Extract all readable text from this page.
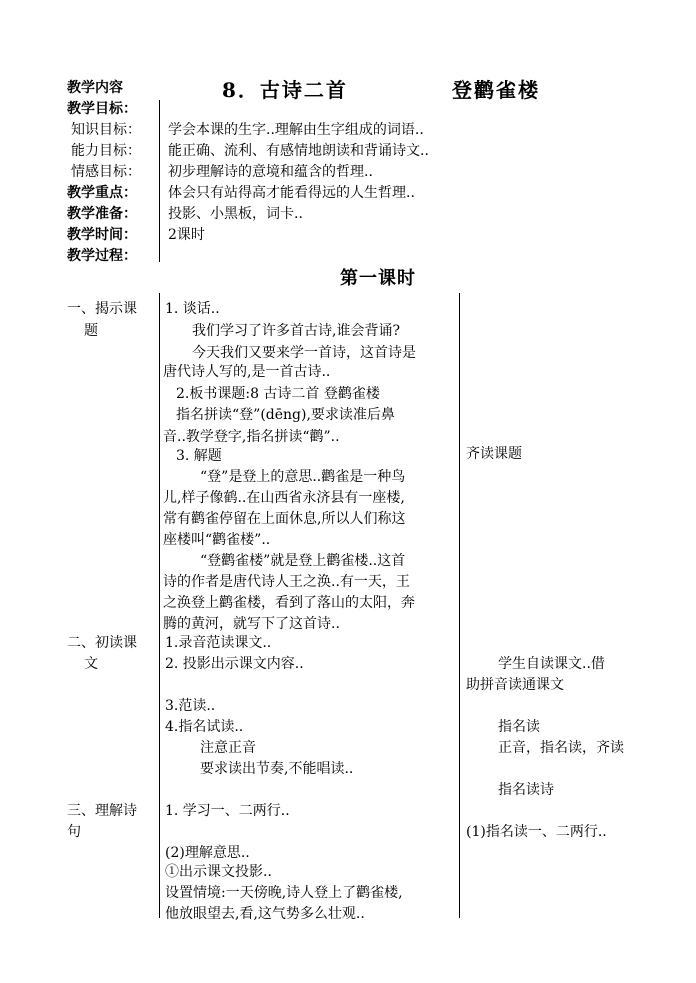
教学内容	8．古诗二首	登鹳雀楼
教学目标：
知识目标： 学会本课的生字..理解由生字组成的词语..
能力目标： 能正确、流利、有感情地朗读和背诵诗文..
情感目标： 初步理解诗的意境和蕴含的哲理..
教学重点： 体会只有站得高才能看得远的人生哲理..
教学准备： 投影、小黑板，词卡..
教学时间： 2课时
教学过程：
第一课时
一、揭示课
题
1. 谈话..
我们学习了许多首古诗,谁会背诵?
今天我们又要来学一首诗，这首诗是
唐代诗人写的,是一首古诗..
2.板书课题:8 古诗二首 登鹳雀楼
指名拼读“登”(dēng),要求读准后鼻
音..教学登字,指名拼读“鹳”..
3. 解题
“登”是登上的意思..鹳雀是一种鸟
儿,样子像鹤..在山西省永济县有一座楼,
常有鹳雀停留在上面休息,所以人们称这
座楼叫“鹳雀楼”..
“登鹳雀楼”就是登上鹳雀楼..这首
诗的作者是唐代诗人王之涣..有一天，王
之涣登上鹳雀楼，看到了落山的太阳，奔
腾的黄河，就写下了这首诗..
齐读课题
二、初读课
文
1.录音范读课文..
2. 投影出示课文内容..
3.范读..
4.指名试读..
注意正音
要求读出节奏,不能唱读..
学生自读课文..借
助拼音读通课文
指名读
正音，指名读，齐读
指名读诗
三、理解诗
句
1. 学习一、二两行..
(2)理解意思..
①出示课文投影..
设置情境:一天傍晚,诗人登上了鹳雀楼,
他放眼望去,看,这气势多么壮观..
(1)指名读一、二两行..
